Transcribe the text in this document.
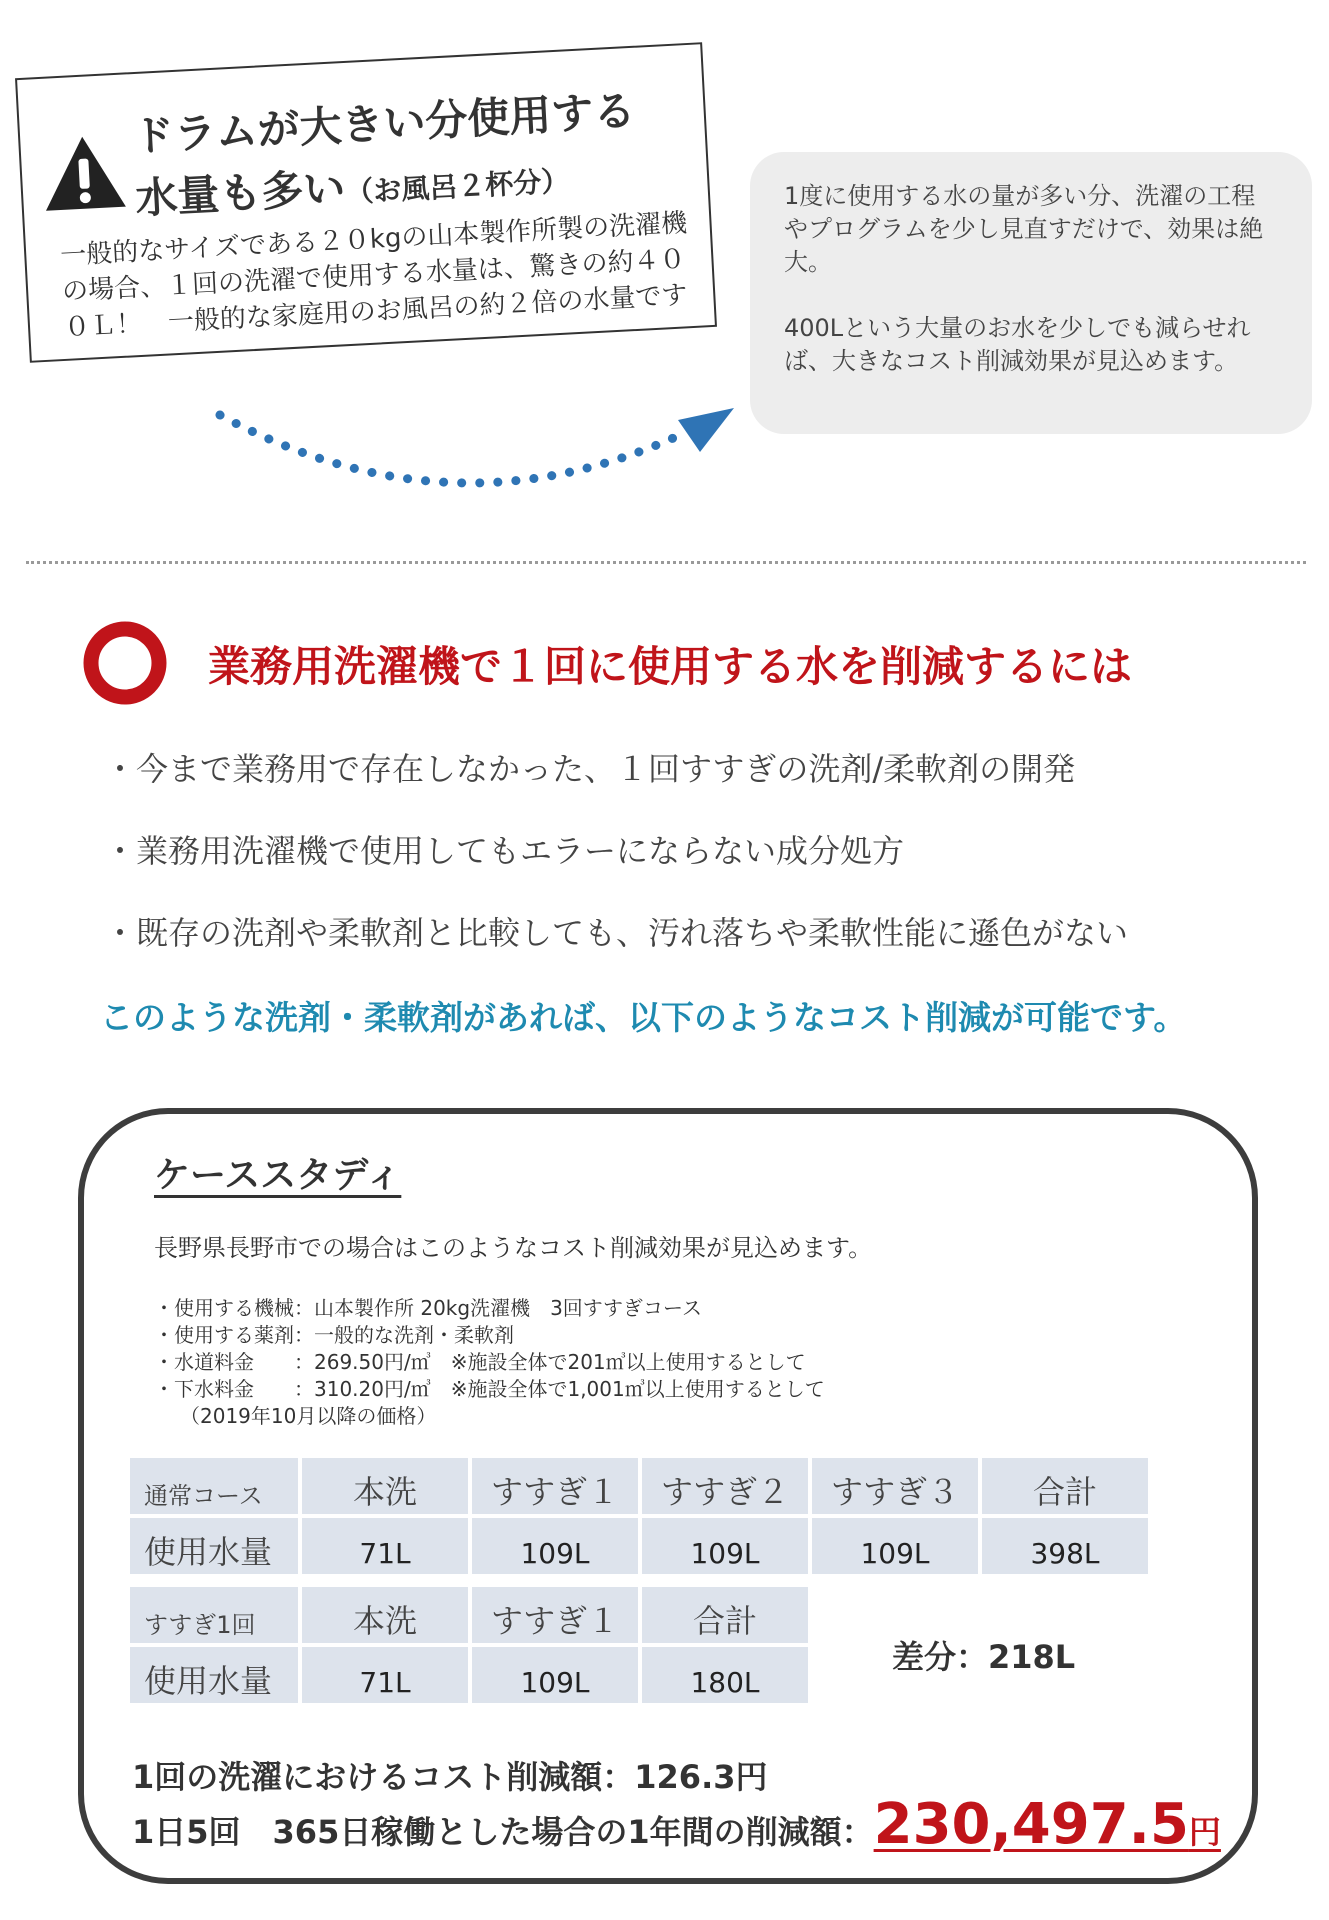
ドラムが大きい分使用する
水量も多い（お風呂２杯分）
一般的なサイズである２０kgの山本製作所製の洗濯機の場合、１回の洗濯で使用する水量は、驚きの約４００Ｌ！　一般的な家庭用のお風呂の約２倍の水量です

1度に使用する水の量が多い分、洗濯の工程やプログラムを少し見直すだけで、効果は絶大。

400Lという大量のお水を少しでも減らせれば、大きなコスト削減効果が見込めます。

業務用洗濯機で１回に使用する水を削減するには
・今まで業務用で存在しなかった、１回すすぎの洗剤/柔軟剤の開発
・業務用洗濯機で使用してもエラーにならない成分処方
・既存の洗剤や柔軟剤と比較しても、汚れ落ちや柔軟性能に遜色がない
このような洗剤・柔軟剤があれば、以下のようなコスト削減が可能です。
ケーススタディ
長野県長野市での場合はこのようなコスト削減効果が見込めます。
・使用する機械：山本製作所 20kg洗濯機　3回すすぎコース
・使用する薬剤：一般的な洗剤・柔軟剤
・水道料金　　：269.50円/㎥　※施設全体で201㎥以上使用するとして
・下水料金　　：310.20円/㎥　※施設全体で1,001㎥以上使用するとして
（2019年10月以降の価格）
通常コース	本洗	すすぎ１	すすぎ２	すすぎ３	合計
使用水量	71L	109L	109L	109L	398L
すすぎ1回	本洗	すすぎ１	合計
使用水量	71L	109L	180L
差分：218L
1回の洗濯におけるコスト削減額：126.3円
1日5回　365日稼働とした場合の1年間の削減額：230,497.5円
